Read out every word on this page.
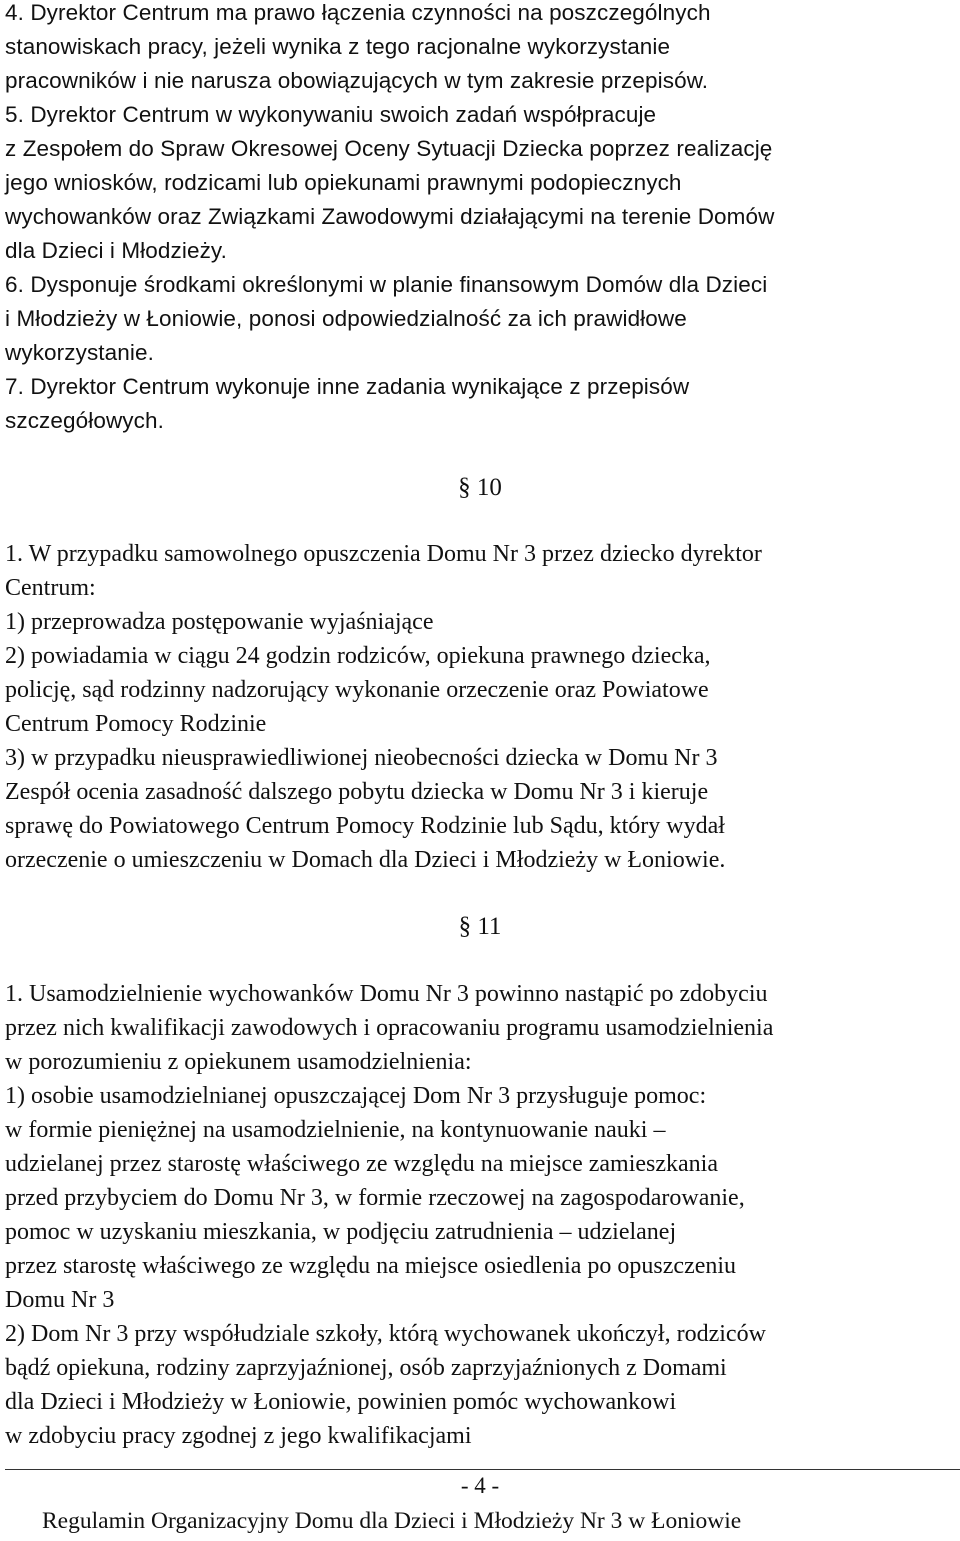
4. Dyrektor Centrum ma prawo łączenia czynności na poszczególnych
stanowiskach pracy, jeżeli wynika z tego racjonalne wykorzystanie
pracowników i nie narusza obowiązujących w tym zakresie przepisów.
5. Dyrektor Centrum w wykonywaniu swoich zadań współpracuje
z Zespołem do Spraw Okresowej Oceny Sytuacji Dziecka poprzez realizację
jego wniosków, rodzicami lub opiekunami prawnymi podopiecznych
wychowanków oraz Związkami Zawodowymi działającymi na terenie Domów
dla Dzieci i Młodzieży.
6. Dysponuje środkami określonymi w planie finansowym Domów dla Dzieci
i Młodzieży w Łoniowie, ponosi odpowiedzialność za ich prawidłowe
wykorzystanie.
7. Dyrektor Centrum wykonuje inne zadania wynikające z przepisów
szczegółowych.
§ 10
1. W przypadku samowolnego opuszczenia Domu Nr 3 przez dziecko dyrektor
Centrum:
1) przeprowadza postępowanie wyjaśniające
2) powiadamia w ciągu 24 godzin rodziców, opiekuna prawnego dziecka,
policję, sąd rodzinny nadzorujący wykonanie orzeczenie oraz Powiatowe
Centrum Pomocy Rodzinie
3) w przypadku nieusprawiedliwionej nieobecności dziecka w Domu Nr 3
Zespół ocenia zasadność dalszego pobytu dziecka w Domu Nr 3 i kieruje
sprawę do Powiatowego Centrum Pomocy Rodzinie lub Sądu, który wydał
orzeczenie o umieszczeniu w Domach dla Dzieci i Młodzieży w Łoniowie.
§ 11
1. Usamodzielnienie wychowanków Domu Nr 3 powinno nastąpić po zdobyciu
przez nich kwalifikacji zawodowych i opracowaniu programu usamodzielnienia
w porozumieniu z opiekunem usamodzielnienia:
1) osobie usamodzielnianej opuszczającej Dom Nr 3 przysługuje pomoc:
w formie pieniężnej na usamodzielnienie, na kontynuowanie nauki –
udzielanej przez starostę właściwego ze względu na miejsce zamieszkania
przed przybyciem do Domu Nr 3, w formie rzeczowej na zagospodarowanie,
pomoc w uzyskaniu mieszkania, w podjęciu zatrudnienia – udzielanej
przez starostę właściwego ze względu na miejsce osiedlenia po opuszczeniu
Domu Nr 3
2) Dom Nr 3 przy współudziale szkoły, którą wychowanek ukończył, rodziców
bądź opiekuna, rodziny zaprzyjaźnionej, osób zaprzyjaźnionych z Domami
dla Dzieci i Młodzieży w Łoniowie, powinien pomóc wychowankowi
w zdobyciu pracy zgodnej z jego kwalifikacjami
- 4 -
Regulamin Organizacyjny Domu dla Dzieci i Młodzieży Nr 3 w Łoniowie
